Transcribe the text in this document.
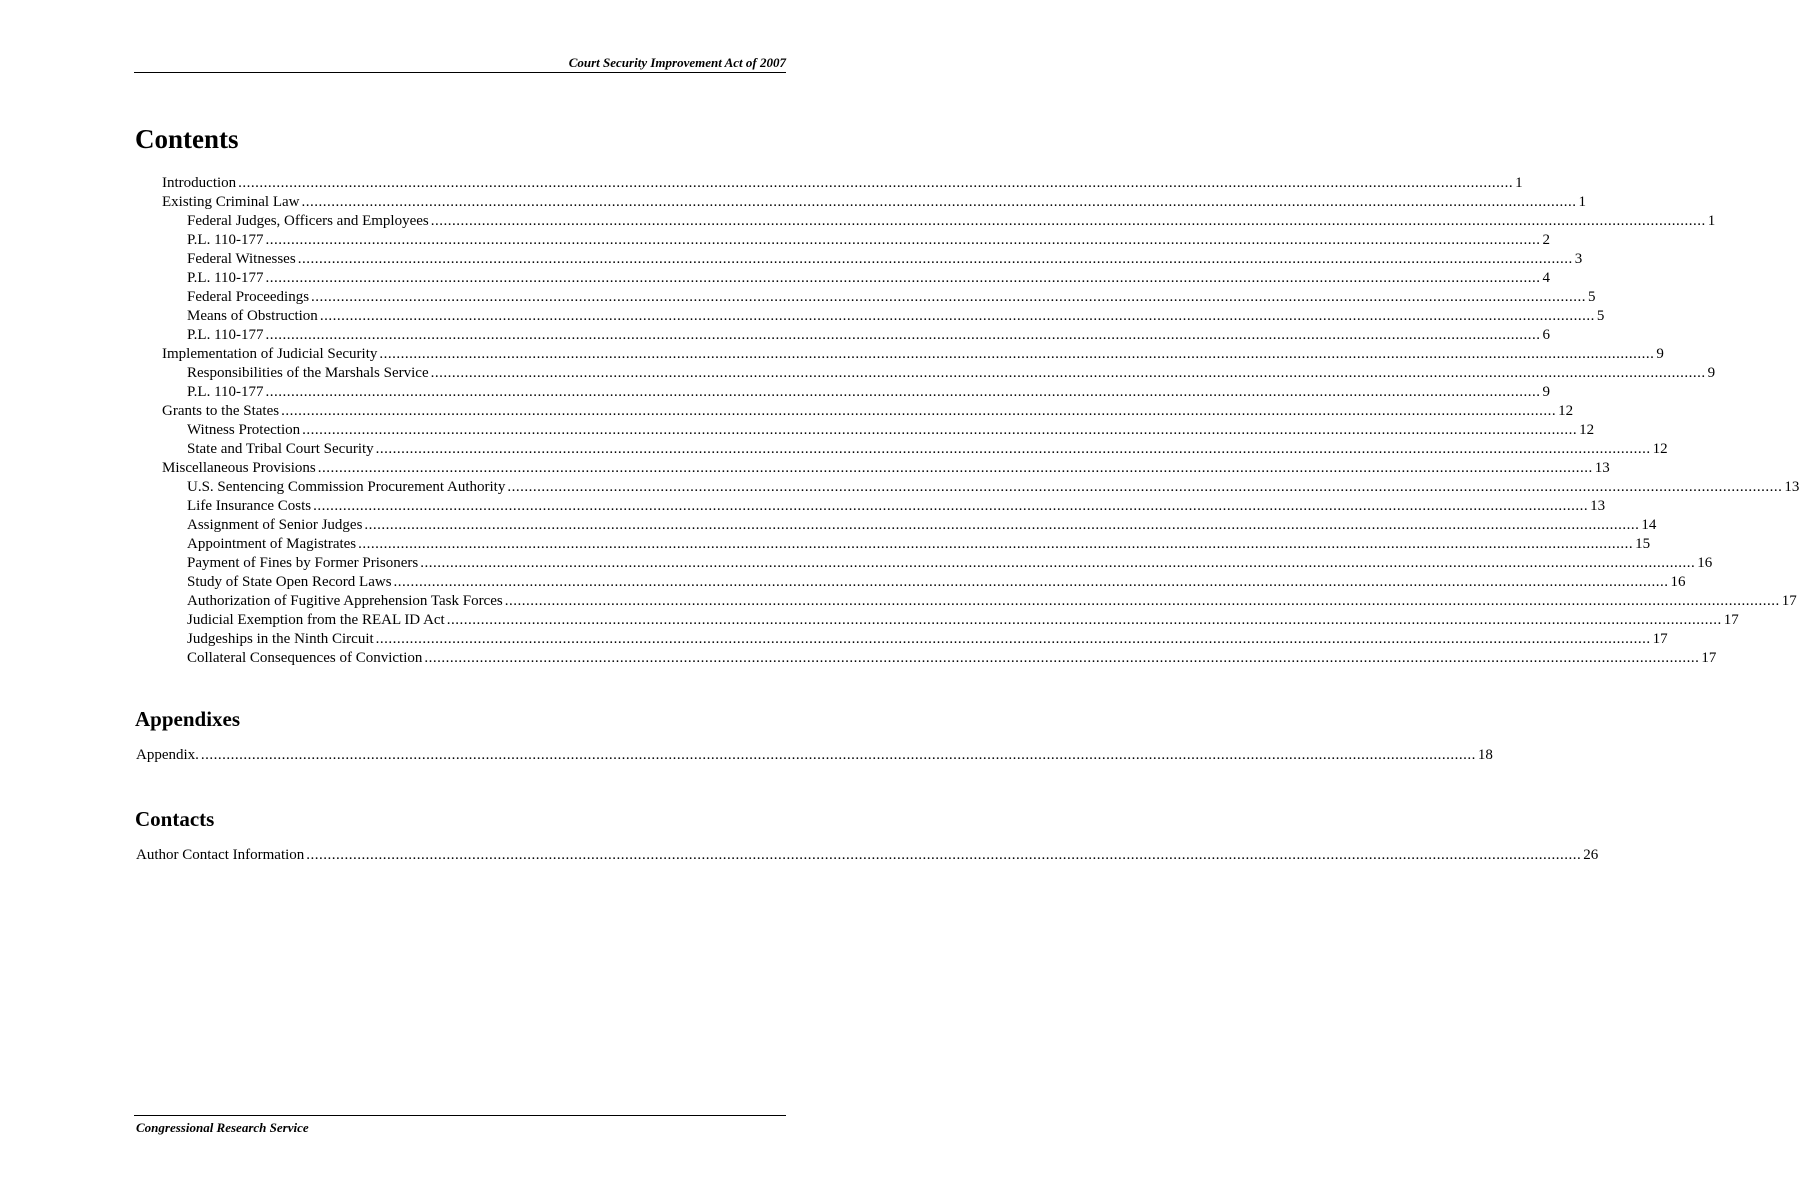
Court Security Improvement Act of 2007
Contents
Introduction ............................................................................................................................................................................................................................................................................................................ 1
Existing Criminal Law ............................................................................................................................................................................................................................................................................................................ 1
Federal Judges, Officers and Employees ............................................................................................................................................................................................................................................................................................................ 1
P.L. 110-177 ............................................................................................................................................................................................................................................................................................................ 2
Federal Witnesses ............................................................................................................................................................................................................................................................................................................ 3
P.L. 110-177 ............................................................................................................................................................................................................................................................................................................ 4
Federal Proceedings ............................................................................................................................................................................................................................................................................................................ 5
Means of Obstruction ............................................................................................................................................................................................................................................................................................................ 5
P.L. 110-177 ............................................................................................................................................................................................................................................................................................................ 6
Implementation of Judicial Security ............................................................................................................................................................................................................................................................................................................ 9
Responsibilities of the Marshals Service ............................................................................................................................................................................................................................................................................................................ 9
P.L. 110-177 ............................................................................................................................................................................................................................................................................................................ 9
Grants to the States ............................................................................................................................................................................................................................................................................................................ 12
Witness Protection ............................................................................................................................................................................................................................................................................................................ 12
State and Tribal Court Security ............................................................................................................................................................................................................................................................................................................ 12
Miscellaneous Provisions ............................................................................................................................................................................................................................................................................................................ 13
U.S. Sentencing Commission Procurement Authority ............................................................................................................................................................................................................................................................................................................ 13
Life Insurance Costs ............................................................................................................................................................................................................................................................................................................ 13
Assignment of Senior Judges ............................................................................................................................................................................................................................................................................................................ 14
Appointment of Magistrates ............................................................................................................................................................................................................................................................................................................ 15
Payment of Fines by Former Prisoners ............................................................................................................................................................................................................................................................................................................ 16
Study of State Open Record Laws ............................................................................................................................................................................................................................................................................................................ 16
Authorization of Fugitive Apprehension Task Forces ............................................................................................................................................................................................................................................................................................................ 17
Judicial Exemption from the REAL ID Act ............................................................................................................................................................................................................................................................................................................ 17
Judgeships in the Ninth Circuit ............................................................................................................................................................................................................................................................................................................ 17
Collateral Consequences of Conviction ............................................................................................................................................................................................................................................................................................................ 17
Appendixes
Appendix. ............................................................................................................................................................................................................................................................................................................ 18
Contacts
Author Contact Information ............................................................................................................................................................................................................................................................................................................ 26
Congressional Research Service
